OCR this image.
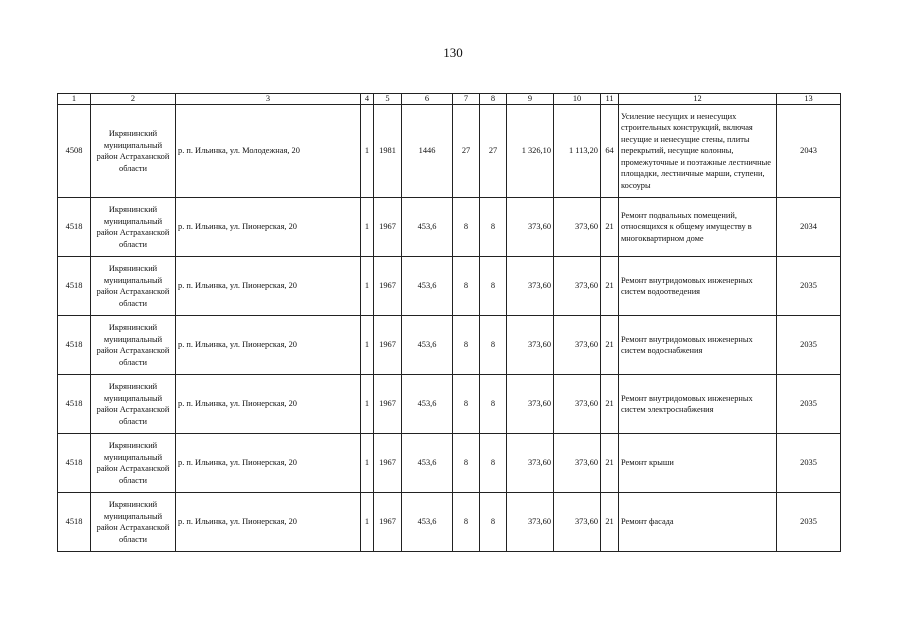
130
1	2	3	4	5	6	7	8	9	10	11	12	13
4508	Икрянинский муниципальный район Астраханской области	р. п. Ильинка, ул. Молодежная, 20	1	1981	1446	27	27	1 326,10	1 113,20	64	Усиление несущих и ненесущих строительных конструкций, включая несущие и ненесущие стены, плиты перекрытий, несущие колонны, промежуточные и поэтажные лестничные площадки, лестничные марши, ступени, косоуры	2043
4518	Икрянинский муниципальный район Астраханской области	р. п. Ильинка, ул. Пионерская, 20	1	1967	453,6	8	8	373,60	373,60	21	Ремонт подвальных помещений, относящихся к общему имуществу в многоквартирном доме	2034
4518	Икрянинский муниципальный район Астраханской области	р. п. Ильинка, ул. Пионерская, 20	1	1967	453,6	8	8	373,60	373,60	21	Ремонт внутридомовых инженерных систем водоотведения	2035
4518	Икрянинский муниципальный район Астраханской области	р. п. Ильинка, ул. Пионерская, 20	1	1967	453,6	8	8	373,60	373,60	21	Ремонт внутридомовых инженерных систем водоснабжения	2035
4518	Икрянинский муниципальный район Астраханской области	р. п. Ильинка, ул. Пионерская, 20	1	1967	453,6	8	8	373,60	373,60	21	Ремонт внутридомовых инженерных систем электроснабжения	2035
4518	Икрянинский муниципальный район Астраханской области	р. п. Ильинка, ул. Пионерская, 20	1	1967	453,6	8	8	373,60	373,60	21	Ремонт крыши	2035
4518	Икрянинский муниципальный район Астраханской области	р. п. Ильинка, ул. Пионерская, 20	1	1967	453,6	8	8	373,60	373,60	21	Ремонт фасада	2035
